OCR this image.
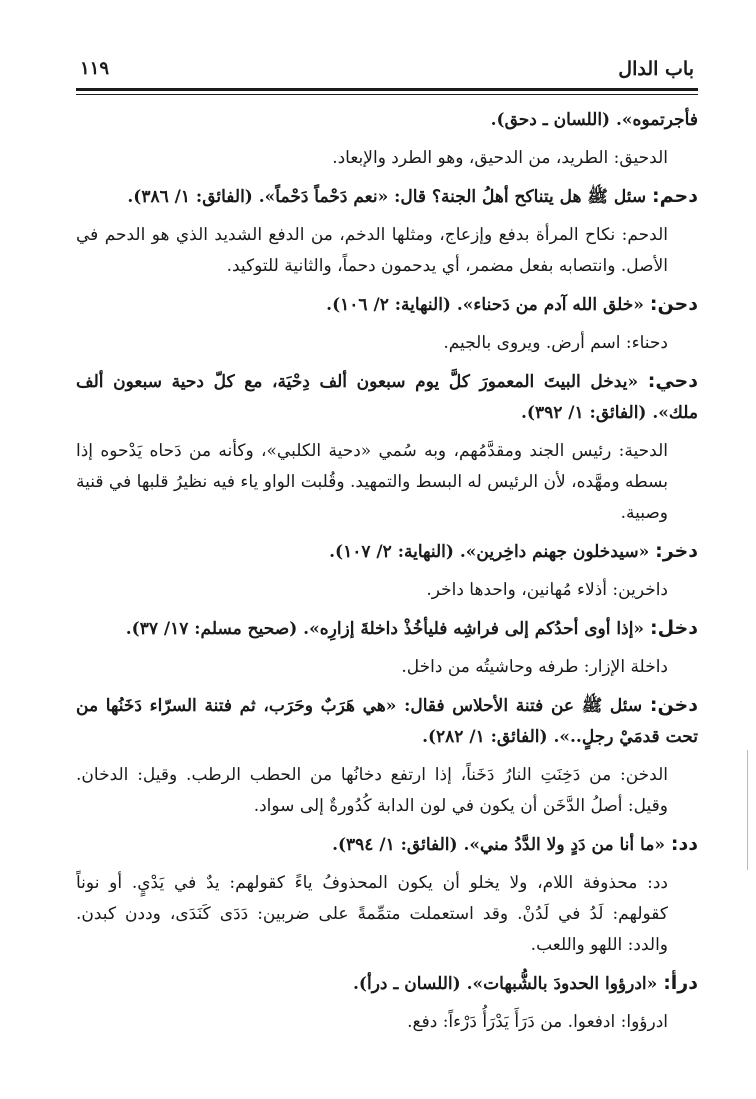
باب الدال
١١٩

فأجرتموه». (اللسان ـ دحق).

الدحيق: الطريد، من الدحيق، وهو الطرد والإبعاد.

دحم: سئل ﷺ هل يتناكح أهلُ الجنة؟ قال: «نعم دَحْماً دَحْماً». (الفائق: ١/ ٣٨٦).

الدحم: نكاح المرأة بدفع وإزعاج، ومثلها الدخم، من الدفع الشديد الذي هو الدحم في الأصل. وانتصابه بفعل مضمر، أي يدحمون دحماً، والثانية للتوكيد.

دحن: «خلق الله آدم من دَحناء». (النهاية: ٢/ ١٠٦).

دحناء: اسم أرض. ويروى بالجيم.

دحي: «يدخل البيتَ المعمورَ كلَّ يوم سبعون ألف دِحْيَة، مع كلّ دحية سبعون ألف ملك». (الفائق: ١/ ٣٩٢).

الدحية: رئيس الجند ومقدَّمُهم، وبه سُمي «دحية الكلبي»، وكأنه من دَحاه يَدْحوه إذا بسطه ومهَّده، لأن الرئيس له البسط والتمهيد. وقُلبت الواو ياء فيه نظيرُ قلبها في قنية وصبية.

دخر: «سيدخلون جهنم داخِرين». (النهاية: ٢/ ١٠٧).

داخرين: أذلاء مُهانين، واحدها داخر.

دخل: «إذا أوى أحدُكم إلى فراشِه فليأخُذْ داخلةَ إزارِه». (صحيح مسلم: ١٧/ ٣٧).

داخلة الإزار: طرفه وحاشيتُه من داخل.

دخن: سئل ﷺ عن فتنة الأحلاس فقال: «هي هَرَبٌ وحَرَب، ثم فتنة السرّاء دَخَنُها من تحت قدمَيْ رجلٍ..». (الفائق: ١/ ٢٨٢).

الدخن: من دَخِنَتِ النارُ دَخَناً، إذا ارتفع دخانُها من الحطب الرطب. وقيل: الدخان. وقيل: أصلُ الدَّخَن أن يكون في لون الدابة كُدُورةٌ إلى سواد.

دد: «ما أنا من دَدٍ ولا الدَّدُ مني». (الفائق: ١/ ٣٩٤).

دد: محذوفة اللام، ولا يخلو أن يكون المحذوفُ ياءً كقولهم: يدٌ في يَدْيٍ. أو نوناً كقولهم: لَدُ في لَدُنْ. وقد استعملت متمِّمةً على ضربين: دَدَى كَنَدَى، وددن كبدن. والدد: اللهو واللعب.

درأ: «ادرؤوا الحدودَ بالشُّبهات». (اللسان ـ درأ).

ادرؤوا: ادفعوا. من دَرَأَ يَدْرَأُ دَرْءاً: دفع.
